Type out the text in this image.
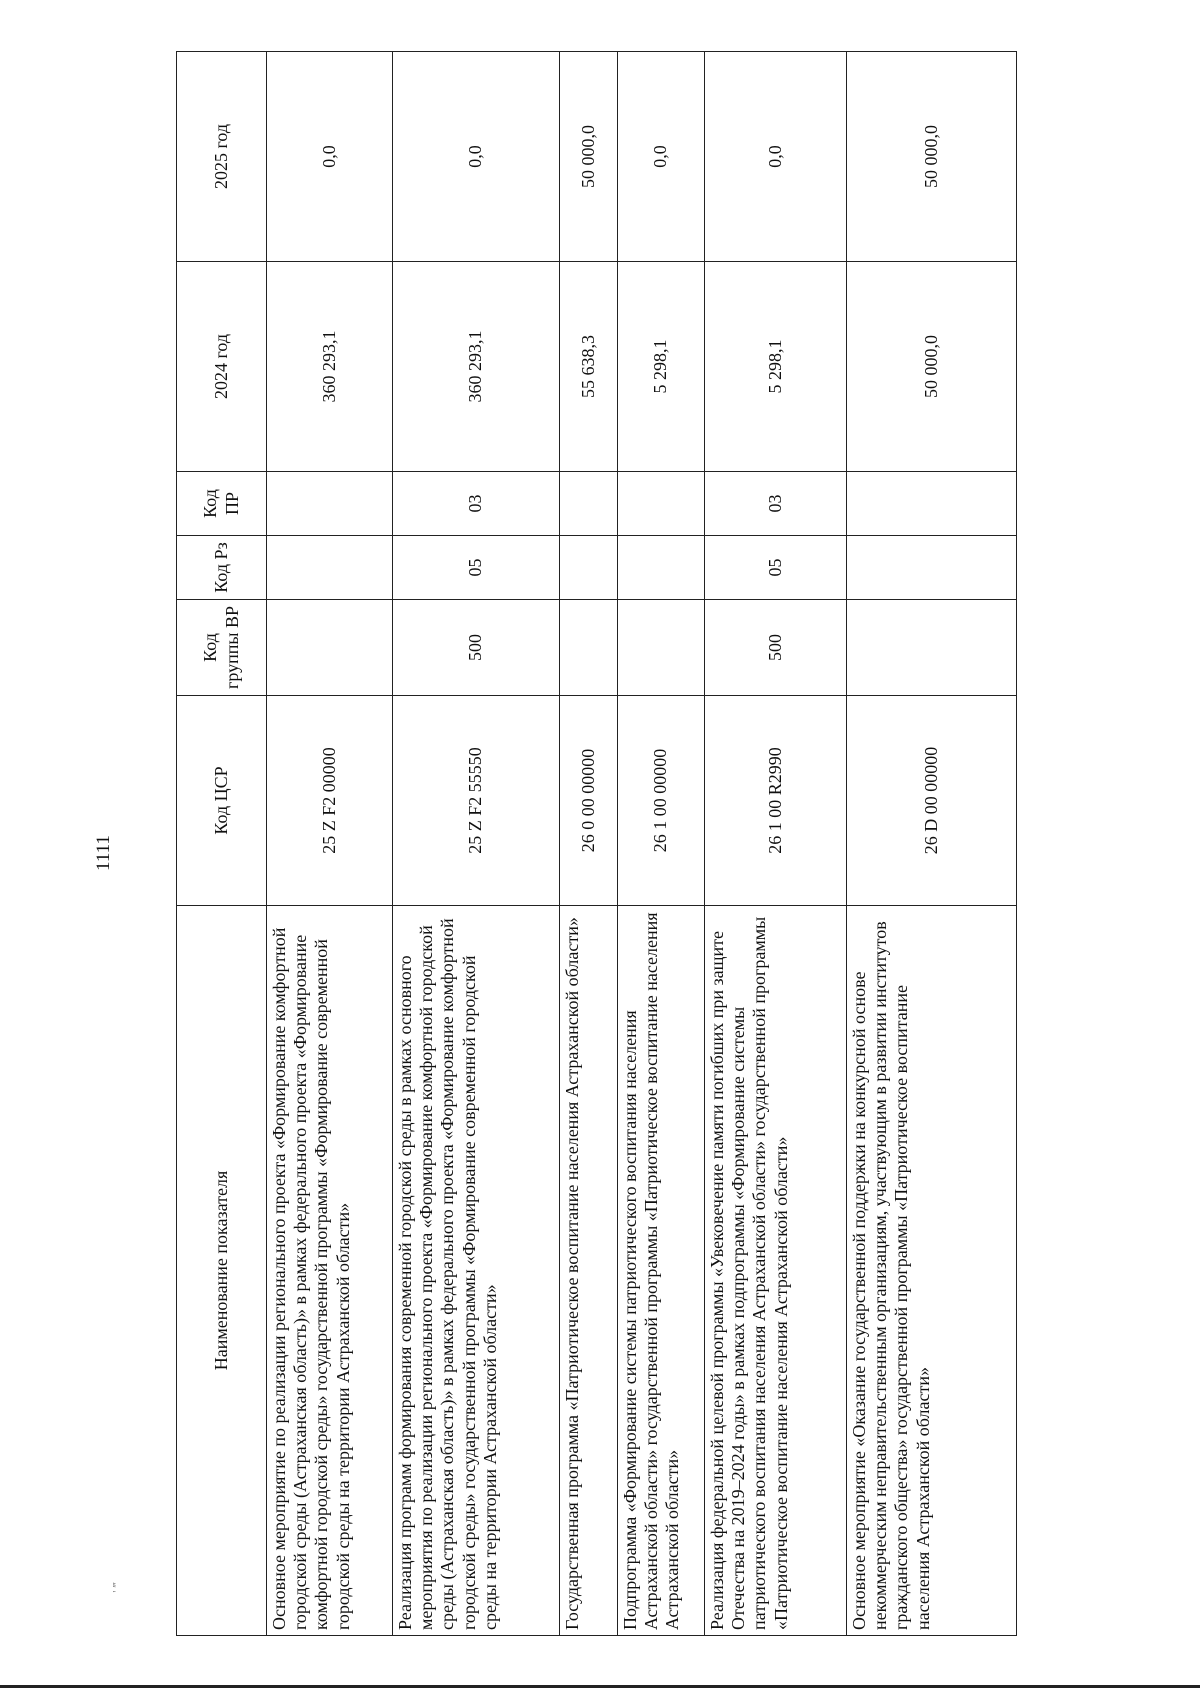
1111
' ‴
Наименование показателя	Код ЦСР	Код группы ВР	Код Рз	Код ПР	2024 год	2025 год
Основное мероприятие по реализации регионального проекта «Формирование комфортной городской среды (Астраханская область)» в рамках федерального проекта «Формирование комфортной городской среды» государственной программы «Формирование современной городской среды на территории Астраханской области»	25 Z F2 00000				360 293,1	0,0
Реализация программ формирования современной городской среды в рамках основного мероприятия по реализации регионального проекта «Формирование комфортной городской среды (Астраханская область)» в рамках федерального проекта «Формирование комфортной городской среды» государственной программы «Формирование современной городской среды на территории Астраханской области»	25 Z F2 55550	500	05	03	360 293,1	0,0
Государственная программа «Патриотическое воспитание населения Астраханской области»	26 0 00 00000				55 638,3	50 000,0
Подпрограмма «Формирование системы патриотического воспитания населения Астраханской области» государственной программы «Патриотическое воспитание населения Астраханской области»	26 1 00 00000				5 298,1	0,0
Реализация федеральной целевой программы «Увековечение памяти погибших при защите Отечества на 2019–2024 годы» в рамках подпрограммы «Формирование системы патриотического воспитания населения Астраханской области» государственной программы «Патриотическое воспитание населения Астраханской области»	26 1 00 R2990	500	05	03	5 298,1	0,0
Основное мероприятие «Оказание государственной поддержки на конкурсной основе некоммерческим неправительственным организациям, участвующим в развитии институтов гражданского общества» государственной программы «Патриотическое воспитание населения Астраханской области»	26 D 00 00000				50 000,0	50 000,0
